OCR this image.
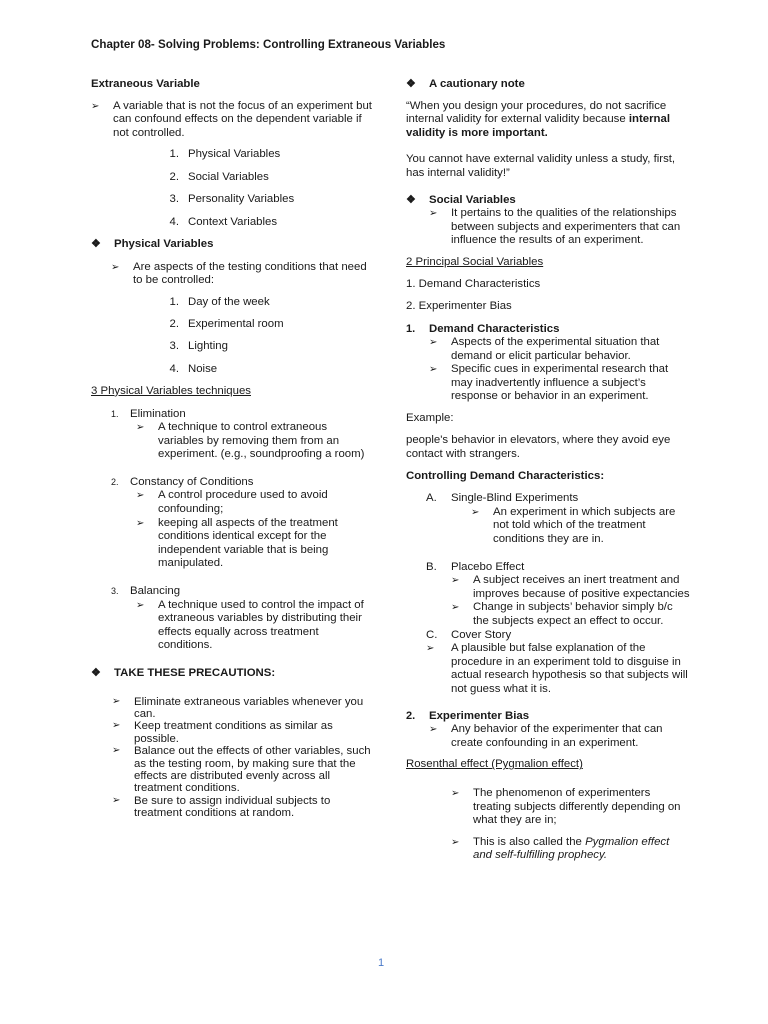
Chapter 08- Solving Problems: Controlling Extraneous Variables
Extraneous Variable
➢	A variable that is not the focus of an experiment but can confound effects on the dependent variable if not controlled.
1. Physical Variables
2. Social Variables
3. Personality Variables
4. Context Variables
❖	Physical Variables
➢	Are aspects of the testing conditions that need to be controlled:
1. Day of the week
2. Experimental room
3. Lighting
4. Noise
3 Physical Variables techniques
1.	Elimination
➢	A technique to control extraneous variables by removing them from an experiment. (e.g., soundproofing a room)
2.	Constancy of Conditions
➢	A control procedure used to avoid confounding;
➢	keeping all aspects of the treatment conditions identical except for the independent variable that is being manipulated.
3.	Balancing
➢	A technique used to control the impact of extraneous variables by distributing their effects equally across treatment conditions.
❖	TAKE THESE PRECAUTIONS:
➢	Eliminate extraneous variables whenever you can.
➢	Keep treatment conditions as similar as possible.
➢	Balance out the effects of other variables, such as the testing room, by making sure that the effects are distributed evenly across all treatment conditions.
➢	Be sure to assign individual subjects to treatment conditions at random.
❖	A cautionary note
“When you design your procedures, do not sacrifice internal validity for external validity because internal validity is more important.
You cannot have external validity unless a study, first, has internal validity!”
❖	Social Variables
➢	It pertains to the qualities of the relationships between subjects and experimenters that can influence the results of an experiment.
2 Principal Social Variables
1. Demand Characteristics
2. Experimenter Bias
1.	Demand Characteristics
➢	Aspects of the experimental situation that demand or elicit particular behavior.
➢	Specific cues in experimental research that may inadvertently influence a subject’s response or behavior in an experiment.
Example:
people's behavior in elevators, where they avoid eye contact with strangers.
Controlling Demand Characteristics:
A.	Single-Blind Experiments
➢	An experiment in which subjects are not told which of the treatment conditions they are in.
B.	Placebo Effect
➢	A subject receives an inert treatment and improves because of positive expectancies
➢	Change in subjects’ behavior simply b/c the subjects expect an effect to occur.
C.	Cover Story
➢	A plausible but false explanation of the procedure in an experiment told to disguise in actual research hypothesis so that subjects will not guess what it is.
2.	Experimenter Bias
➢	Any behavior of the experimenter that can create confounding in an experiment.
Rosenthal effect (Pygmalion effect)
➢	The phenomenon of experimenters treating subjects differently depending on what they are in;
➢	This is also called the Pygmalion effect and self-fulfilling prophecy.
1
